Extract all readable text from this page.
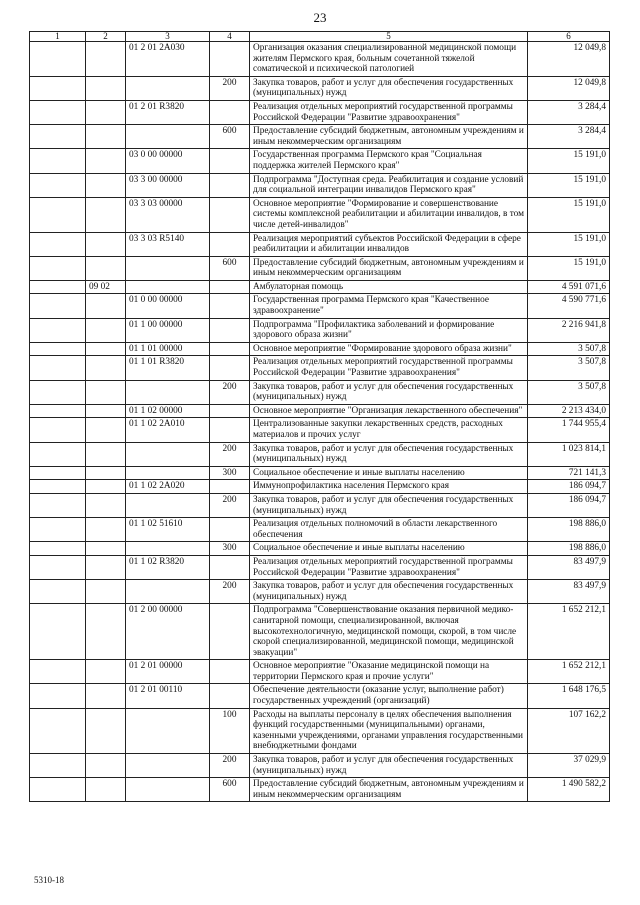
23
1	2	3	4	5	6
		01 2 01 2А030		Организация оказания специализированной медицинской помощи жителям Пермского края, больным сочетанной тяжелой соматической и психической патологией	12 049,8
			200	Закупка товаров, работ и услуг для обеспечения государственных (муниципальных) нужд	12 049,8
		01 2 01 R3820		Реализация отдельных мероприятий государственной программы Российской Федерации "Развитие здравоохранения"	3 284,4
			600	Предоставление субсидий бюджетным, автономным учреждениям и иным некоммерческим организациям	3 284,4
		03 0 00 00000		Государственная программа Пермского края "Социальная поддержка жителей Пермского края"	15 191,0
		03 3 00 00000		Подпрограмма "Доступная среда. Реабилитация и создание условий для социальной интеграции инвалидов Пермского края"	15 191,0
		03 3 03 00000		Основное мероприятие "Формирование и совершенствование системы комплексной реабилитации и абилитации инвалидов, в том числе детей-инвалидов"	15 191,0
		03 3 03 R5140		Реализация мероприятий субъектов Российской Федерации в сфере реабилитации и абилитации инвалидов	15 191,0
			600	Предоставление субсидий бюджетным, автономным учреждениям и иным некоммерческим организациям	15 191,0
	09 02			Амбулаторная помощь	4 591 071,6
		01 0 00 00000		Государственная программа Пермского края "Качественное здравоохранение"	4 590 771,6
		01 1 00 00000		Подпрограмма "Профилактика заболеваний и формирование здорового образа жизни"	2 216 941,8
		01 1 01 00000		Основное мероприятие "Формирование здорового образа жизни"	3 507,8
		01 1 01 R3820		Реализация отдельных мероприятий государственной программы Российской Федерации "Развитие здравоохранения"	3 507,8
			200	Закупка товаров, работ и услуг для обеспечения государственных (муниципальных) нужд	3 507,8
		01 1 02 00000		Основное мероприятие "Организация лекарственного обеспечения"	2 213 434,0
		01 1 02 2А010		Централизованные закупки лекарственных средств, расходных материалов и прочих услуг	1 744 955,4
			200	Закупка товаров, работ и услуг для обеспечения государственных (муниципальных) нужд	1 023 814,1
			300	Социальное обеспечение и иные выплаты населению	721 141,3
		01 1 02 2А020		Иммунопрофилактика населения Пермского края	186 094,7
			200	Закупка товаров, работ и услуг для обеспечения государственных (муниципальных) нужд	186 094,7
		01 1 02 51610		Реализация отдельных полномочий в области лекарственного обеспечения	198 886,0
			300	Социальное обеспечение и иные выплаты населению	198 886,0
		01 1 02 R3820		Реализация отдельных мероприятий государственной программы Российской Федерации "Развитие здравоохранения"	83 497,9
			200	Закупка товаров, работ и услуг для обеспечения государственных (муниципальных) нужд	83 497,9
		01 2 00 00000		Подпрограмма "Совершенствование оказания первичной медико-санитарной помощи, специализированной, включая высокотехнологичную, медицинской помощи, скорой, в том числе скорой специализированной, медицинской помощи, медицинской эвакуации"	1 652 212,1
		01 2 01 00000		Основное мероприятие "Оказание медицинской помощи на территории Пермского края и прочие услуги"	1 652 212,1
		01 2 01 00110		Обеспечение деятельности (оказание услуг, выполнение работ) государственных учреждений (организаций)	1 648 176,5
			100	Расходы на выплаты персоналу в целях обеспечения выполнения функций государственными (муниципальными) органами, казенными учреждениями, органами управления государственными внебюджетными фондами	107 162,2
			200	Закупка товаров, работ и услуг для обеспечения государственных (муниципальных) нужд	37 029,9
			600	Предоставление субсидий бюджетным, автономным учреждениям и иным некоммерческим организациям	1 490 582,2
5310-18
